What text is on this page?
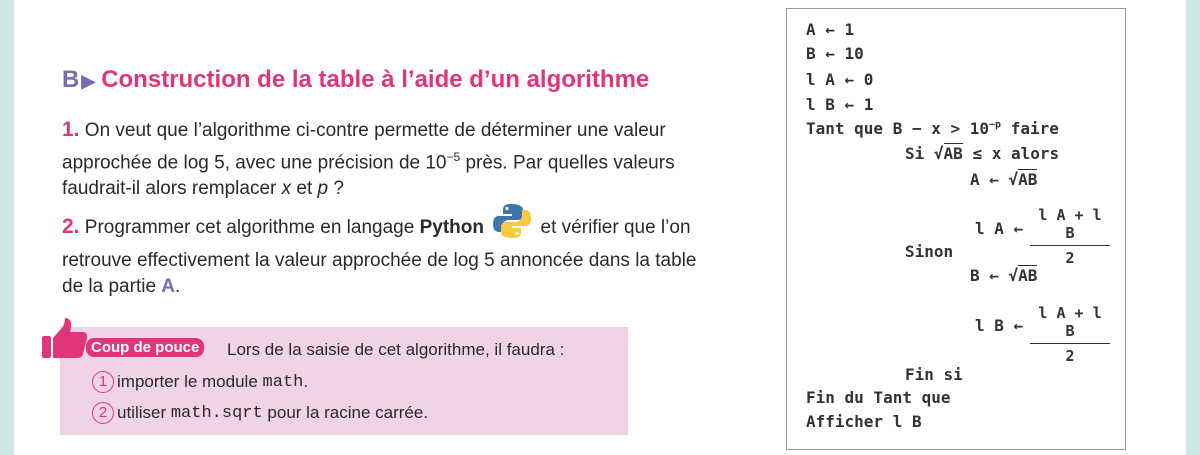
B ▶ Construction de la table à l’aide d’un algorithme
1. On veut que l’algorithme ci-contre permette de déterminer une valeur
approchée de log 5, avec une précision de $10^{-5}$ près. Par quelles valeurs
faudrait-il alors remplacer x et p ?
2. Programmer cet algorithme en langage Python	et vérifier que l’on
retrouve effectivement la valeur approchée de log 5 annoncée dans la table
de la partie A.
Coup de pouce Lors de la saisie de cet algorithme, il faudra :
1 importer le module
math .
2 utiliser
math.sqrt
pour la racine carrée.
A ← 1
B ← 10
l A ← 0
l B ← 1
Tant que $B - x > 10^{-p}$ faire
Si √AB ≤ x alors
A ← √AB
l A ←
l A + l B
2
Sinon
B ← √AB
l B ←
l A + l B
2
Fin si
Fin du Tant que
Afficher l B
